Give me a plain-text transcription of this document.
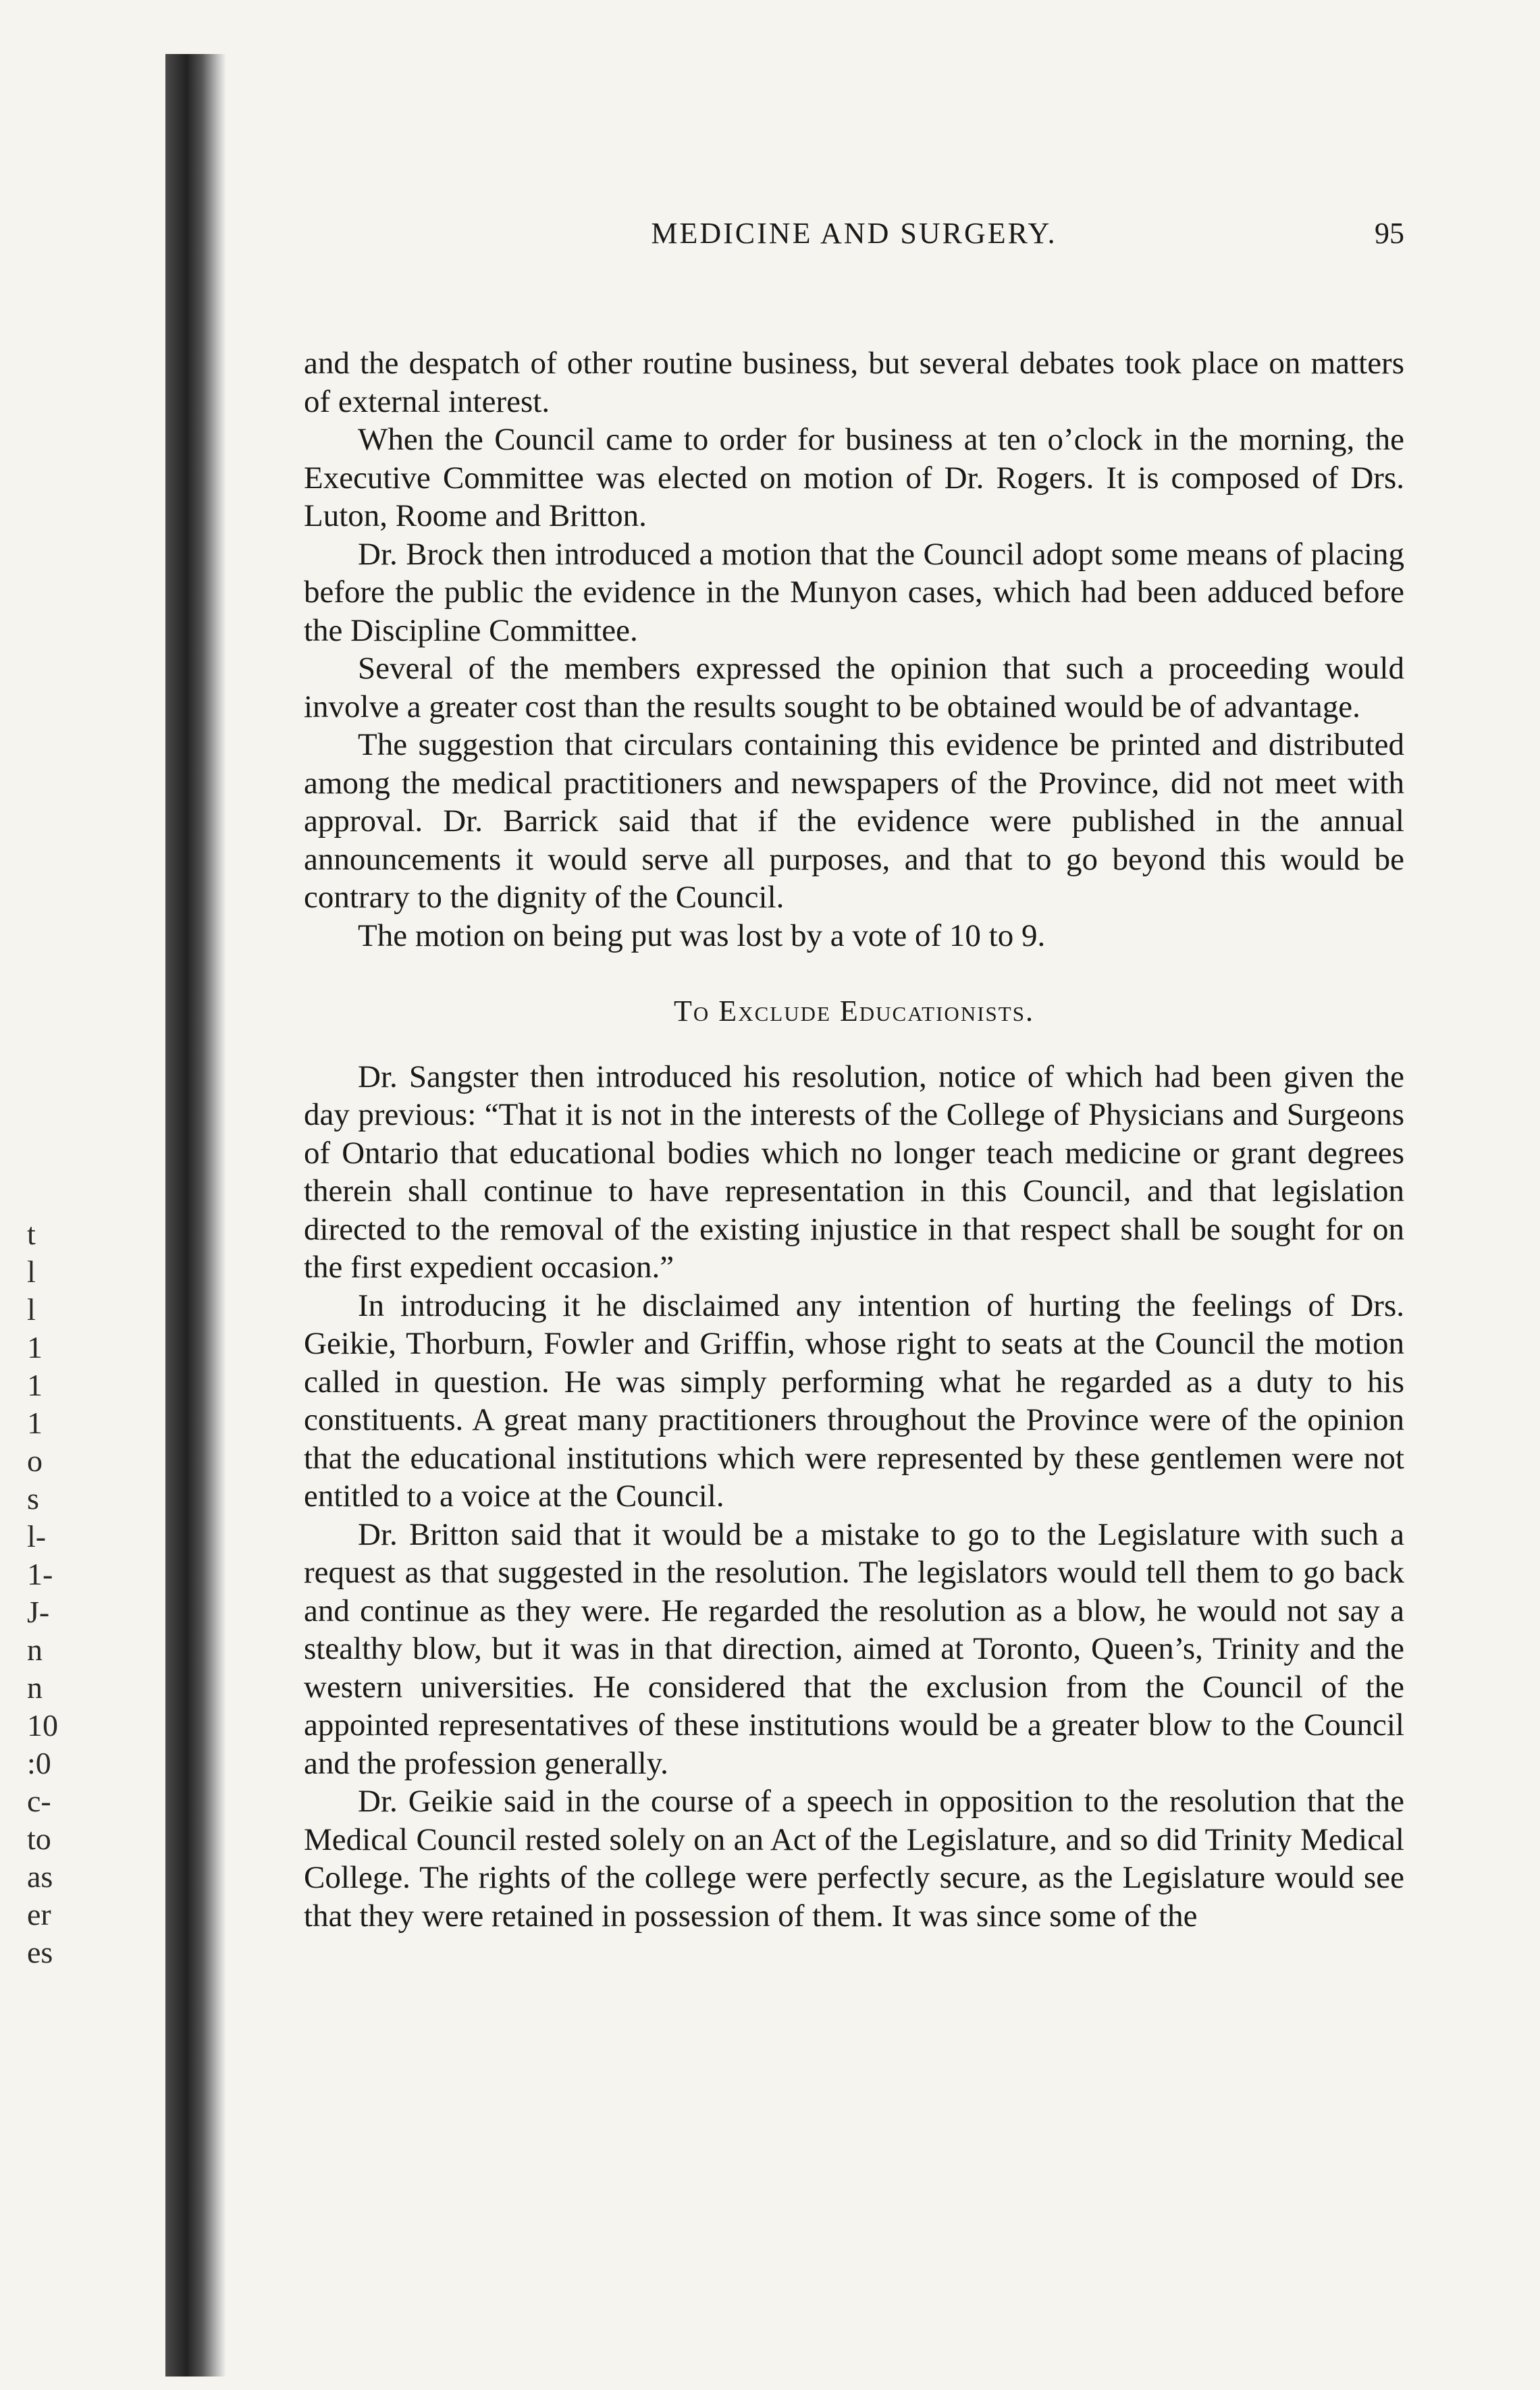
t
l
l
1
1
1
o
s
l-
1-
J-
n
n
10
:0
c-
to
as
er
es
MEDICINE AND SURGERY.	95

and the despatch of other routine business, but several debates took place on matters of external interest.

When the Council came to order for business at ten o’clock in the morning, the Executive Committee was elected on motion of Dr. Rogers. It is composed of Drs. Luton, Roome and Britton.

Dr. Brock then introduced a motion that the Council adopt some means of placing before the public the evidence in the Munyon cases, which had been adduced before the Discipline Committee.

Several of the members expressed the opinion that such a proceeding would involve a greater cost than the results sought to be obtained would be of advantage.

The suggestion that circulars containing this evidence be printed and distributed among the medical practitioners and newspapers of the Province, did not meet with approval. Dr. Barrick said that if the evidence were published in the annual announcements it would serve all purposes, and that to go beyond this would be contrary to the dignity of the Council.

The motion on being put was lost by a vote of 10 to 9.

To Exclude Educationists.

Dr. Sangster then introduced his resolution, notice of which had been given the day previous: “That it is not in the interests of the College of Physicians and Surgeons of Ontario that educational bodies which no longer teach medicine or grant degrees therein shall continue to have representation in this Council, and that legislation directed to the removal of the existing injustice in that respect shall be sought for on the first expedient occasion.”

In introducing it he disclaimed any intention of hurting the feelings of Drs. Geikie, Thorburn, Fowler and Griffin, whose right to seats at the Council the motion called in question. He was simply performing what he regarded as a duty to his constituents. A great many practitioners throughout the Province were of the opinion that the educational institutions which were represented by these gentlemen were not entitled to a voice at the Council.

Dr. Britton said that it would be a mistake to go to the Legislature with such a request as that suggested in the resolution. The legislators would tell them to go back and continue as they were. He regarded the resolution as a blow, he would not say a stealthy blow, but it was in that direction, aimed at Toronto, Queen’s, Trinity and the western universities. He considered that the exclusion from the Council of the appointed representatives of these institutions would be a greater blow to the Council and the profession generally.

Dr. Geikie said in the course of a speech in opposition to the resolution that the Medical Council rested solely on an Act of the Legislature, and so did Trinity Medical College. The rights of the college were perfectly secure, as the Legislature would see that they were retained in possession of them. It was since some of the
